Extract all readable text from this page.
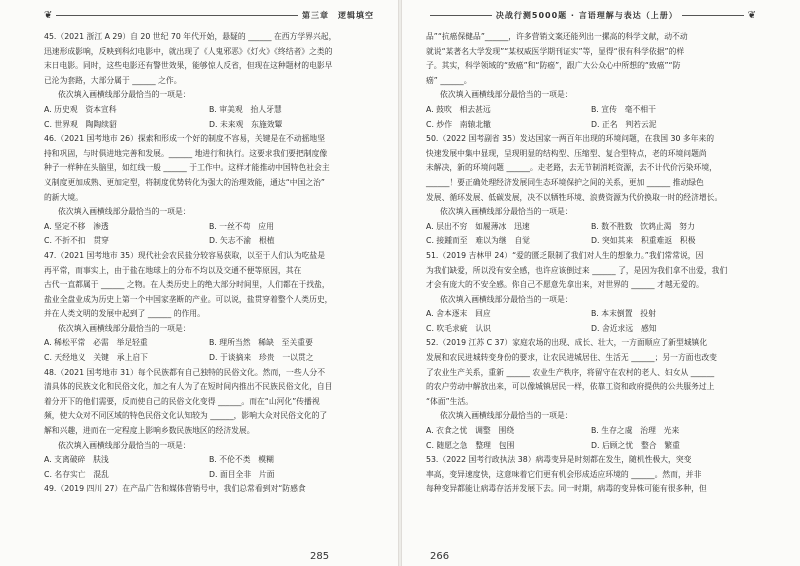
❦	第三章　逻辑填空

45.（2021 浙江 A 29）自 20 世纪 70 年代开始，悬疑的 ______ 在西方学界兴起，

迅速形成影响，反映到科幻电影中，就出现了《人鬼邪恶》《灯火》《终结者》之类的

末日电影。同时，这些电影还有警世效果，能够惊人反省，但现在这种题材的电影早

已沦为套路，大部分属于 ______ 之作。

依次填入画横线部分最恰当的一项是：

A. 历史观　资本宣科	B. 审美观　抬人牙慧
C. 世界观　陶陶续貂	D. 未来观　东施效颦

46.（2021 国考地市 26）探索和形成一个好的制度不容易，关键是在不动摇地坚

持和巩固，与时俱进地完善和发展。______ 地进行和执行。这要求我们要把制度像

种子一样种在头脑里，如红线一般 ______ 于工作中。这样才能推动中国特色社会主

义制度更加成熟、更加定型，将制度优势转化为强大的治理效能，通达“中国之治”

的新大境。

依次填入画横线部分最恰当的一项是：

A. 坚定不移　渗透	B. 一丝不苟　应用
C. 不折不扣　贯穿	D. 矢志不渝　根植

47.（2021 国考地市 35）现代社会农民盐分较容易获取，以至于人们认为吃盐是

再平常，而事实上，由于盐在地球上的分布不均以及交通不便等原因，其在

古代一直都属于 ______ 之物。在人类历史上的绝大部分时间里，人们都在于找盐，

盐业全盘业成为历史上第一个中国家垄断的产业。可以说，盐贯穿着整个人类历史，

并在人类文明的发展中起到了 ______ 的作用。

依次填入画横线部分最恰当的一项是：

A. 稀松平常　必需　举足轻重	B. 理所当然　稀缺　至关重要
C. 天经地义　关键　承上启下	D. 于谈摘来　珍贵　一以贯之

48.（2021 国考地市 31）每个民族都有自己独特的民俗文化。然而，一些人分不

清具体的民族文化和民俗文化，加之有人为了在短时间内推出不民族民俗文化，自目

着分开下的他们需要，反而使自己的民俗文化变得 ______。而在“山河化”传播视

频，使大众对不同区域的特色民俗文化认知较为 ______，影响大众对民俗文化的了

解和兴趣，进而在一定程度上影响乡数民族地区的经济发展。

依次填入画横线部分最恰当的一项是：

A. 支离破碎　肤浅	B. 不伦不类　模糊
C. 名存实亡　混乱	D. 面目全非　片面

49.（2019 四川 27）在产品广告和媒体营销号中，我们总常看到对“防感食

285
决战行测5000题 · 言语理解与表达（上册）	❦

品”“抗癌保健品”______，许多营销文案还能列出一摞高的科学文献，动不动

就说“某著名大学发现”“某权威医学期刊证实”等，显得“很有科学依据”的样

子。其实，科学领域的“致癌”和“防癌”，跟广大公众心中所想的“致癌”“防

癌” ______。

依次填入画横线部分最恰当的一项是：

A. 鼓吹　相去甚远	B. 宣传　毫不相干
C. 炒作　南辕北辙	D. 正名　判若云泥

50.（2022 国考副省 35）发达国家一两百年出现的环境问题，在我国 30 多年来的

快速发展中集中显现，呈现明显的结构型、压缩型、复合型特点，老的环境问题尚

未解决，新的环境问题 ______。走老路，去无节制消耗资源，去不计代价污染环境，

______！要正确处理经济发展同生态环境保护之间的关系，更加 ______ 推动绿色

发展、循环发展、低碳发展，决不以牺牲环境、浪费资源为代价换取一时的经济增长。

依次填入画横线部分最恰当的一项是：

A. 层出不穷　如履薄冰　迅速	B. 数不胜数　饮鸩止渴　努力
C. 接踵而至　难以为继　自觉	D. 突如其来　积重难返　积极

51.（2019 吉林甲 24）“爱的匮乏限制了我们对人生的想象力。”我们常常说，因

为我们缺爱，所以没有安全感，也许应该倒过来 ______ 了，是因为我们拿不出爱，我们

才会有庞大的不安全感。你自己不愿意先拿出来，对世界的 ______ 才越无爱的。

依次填入画横线部分最恰当的一项是：

A. 舍本逐末　回应	B. 本末倒置　投射
C. 吹毛求疵　认识	D. 舍近求远　感知

52.（2019 江苏 C 37）家庭农场的出现、成长、壮大，一方面顺应了新型城镇化

发展和农民进城转变身份的要求，让农民进城居住、生活无 ______；另一方面也改变

了农业生产关系，重新 ______ 农业生产秩序，将留守在农村的老人、妇女从 ______

的农户劳动中解放出来，可以像城镇居民一样，依靠工资和政府提供的公共服务过上

“体面”生活。

依次填入画横线部分最恰当的一项是：

A. 衣食之忧　调整　围绕	B. 生存之虞　治理　光来
C. 随愿之急　整理　包围	D. 后顾之忧　整合　繁重

53.（2022 国考行政执法 38）病毒变异是时刻都在发生，随机性极大，突变

率高，变异速度快，这意味着它们更有机会形成适应环境的 ______。然而，并非

每种变异都能让病毒存活并发展下去。同一时期，病毒的变异株可能有很多种，但

266
